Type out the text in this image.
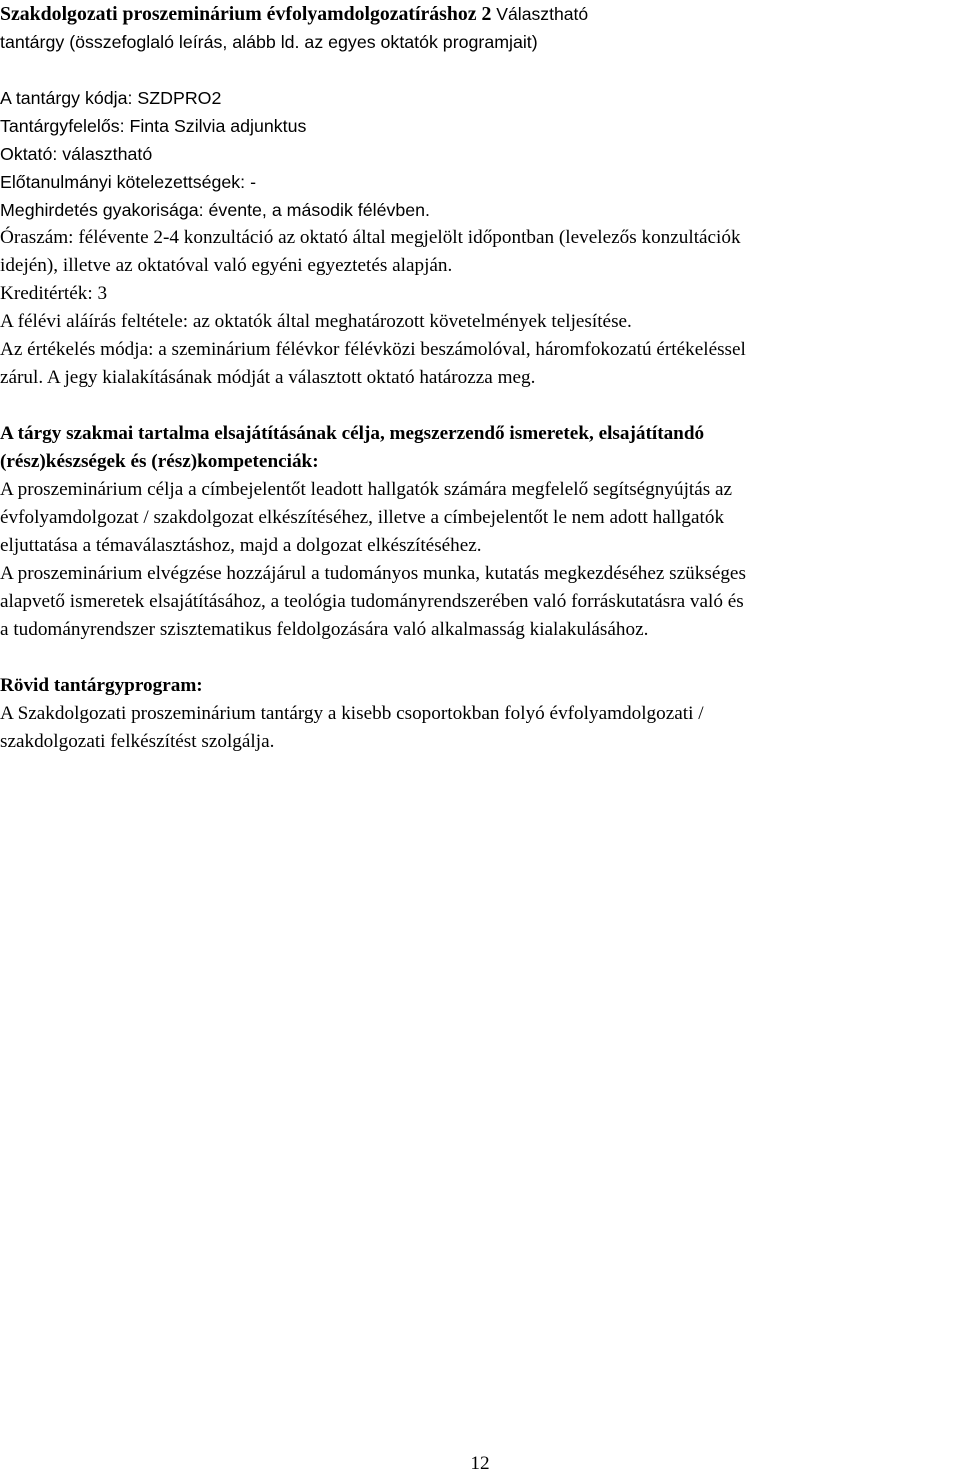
Szakdolgozati proszeminárium évfolyamdolgozatíráshoz 2 Választható
tantárgy (összefoglaló leírás, alább ld. az egyes oktatók programjait)
A tantárgy kódja: SZDPRO2
Tantárgyfelelős: Finta Szilvia adjunktus
Oktató: választható
Előtanulmányi kötelezettségek: -
Meghirdetés gyakorisága: évente, a második félévben.
Óraszám: félévente 2-4 konzultáció az oktató által megjelölt időpontban (levelezős konzultációk
idején), illetve az oktatóval való egyéni egyeztetés alapján.
Kreditérték: 3
A félévi aláírás feltétele: az oktatók által meghatározott követelmények teljesítése.
Az értékelés módja: a szeminárium félévkor félévközi beszámolóval, háromfokozatú értékeléssel
zárul. A jegy kialakításának módját a választott oktató határozza meg.
A tárgy szakmai tartalma elsajátításának célja, megszerzendő ismeretek, elsajátítandó
(rész)készségek és (rész)kompetenciák:
A proszeminárium célja a címbejelentőt leadott hallgatók számára megfelelő segítségnyújtás az
évfolyamdolgozat / szakdolgozat elkészítéséhez, illetve a címbejelentőt le nem adott hallgatók
eljuttatása a témaválasztáshoz, majd a dolgozat elkészítéséhez.
A proszeminárium elvégzése hozzájárul a tudományos munka, kutatás megkezdéséhez szükséges
alapvető ismeretek elsajátításához, a teológia tudományrendszerében való forráskutatásra való és
a tudományrendszer szisztematikus feldolgozására való alkalmasság kialakulásához.
Rövid tantárgyprogram:
A Szakdolgozati proszeminárium tantárgy a kisebb csoportokban folyó évfolyamdolgozati /
szakdolgozati felkészítést szolgálja.
12
